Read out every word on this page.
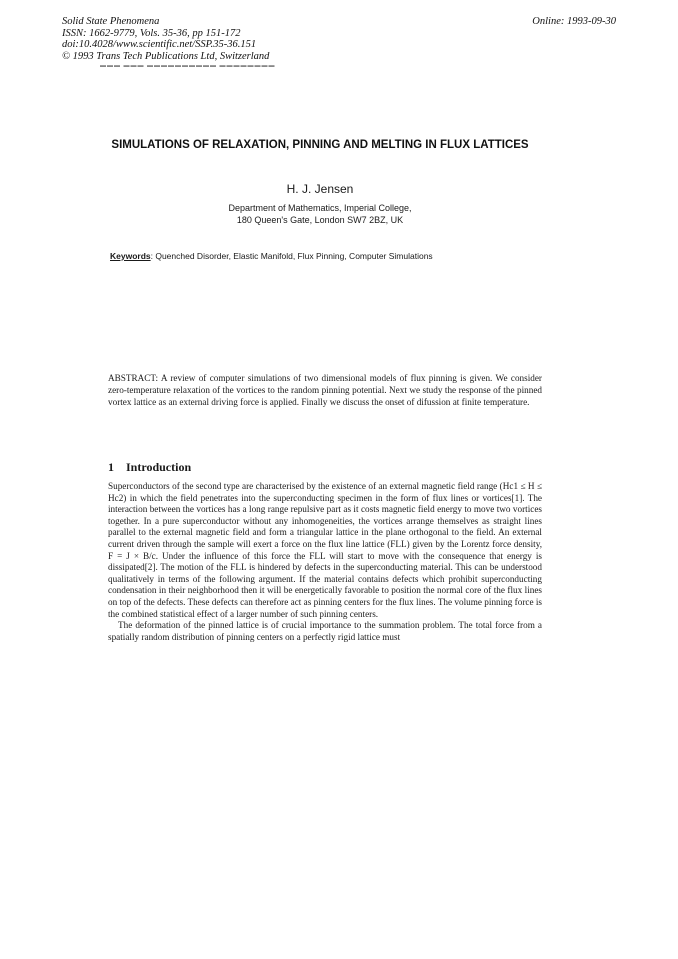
Solid State Phenomena
ISSN: 1662-9779, Vols. 35-36, pp 151-172
doi:10.4028/www.scientific.net/SSP.35-36.151
© 1993 Trans Tech Publications Ltd, Switzerland
Online: 1993-09-30
▬▬▬ ▬▬▬ ▬▬▬▬▬▬▬▬▬▬ ▬▬▬▬▬▬▬▬
SIMULATIONS OF RELAXATION, PINNING AND MELTING IN FLUX LATTICES
H. J. Jensen
Department of Mathematics, Imperial College,
180 Queen's Gate, London SW7 2BZ, UK
Keywords: Quenched Disorder, Elastic Manifold, Flux Pinning, Computer Simulations
ABSTRACT: A review of computer simulations of two dimensional models of flux pinning is given. We consider zero-temperature relaxation of the vortices to the random pinning potential. Next we study the response of the pinned vortex lattice as an external driving force is applied. Finally we discuss the onset of difussion at finite temperature.
1 Introduction

Superconductors of the second type are characterised by the existence of an external magnetic field range (Hc1 ≤ H ≤ Hc2) in which the field penetrates into the superconducting specimen in the form of flux lines or vortices[1]. The interaction between the vortices has a long range repulsive part as it costs magnetic field energy to move two vortices together. In a pure superconductor without any inhomogeneities, the vortices arrange themselves as straight lines parallel to the external magnetic field and form a triangular lattice in the plane orthogonal to the field. An external current driven through the sample will exert a force on the flux line lattice (FLL) given by the Lorentz force density, F = J × B/c. Under the influence of this force the FLL will start to move with the consequence that energy is dissipated[2]. The motion of the FLL is hindered by defects in the superconducting material. This can be understood qualitatively in terms of the following argument. If the material contains defects which prohibit superconducting condensation in their neighborhood then it will be energetically favorable to position the normal core of the flux lines on top of the defects. These defects can therefore act as pinning centers for the flux lines. The volume pinning force is the combined statistical effect of a larger number of such pinning centers.

The deformation of the pinned lattice is of crucial importance to the summation problem. The total force from a spatially random distribution of pinning centers on a perfectly rigid lattice must
